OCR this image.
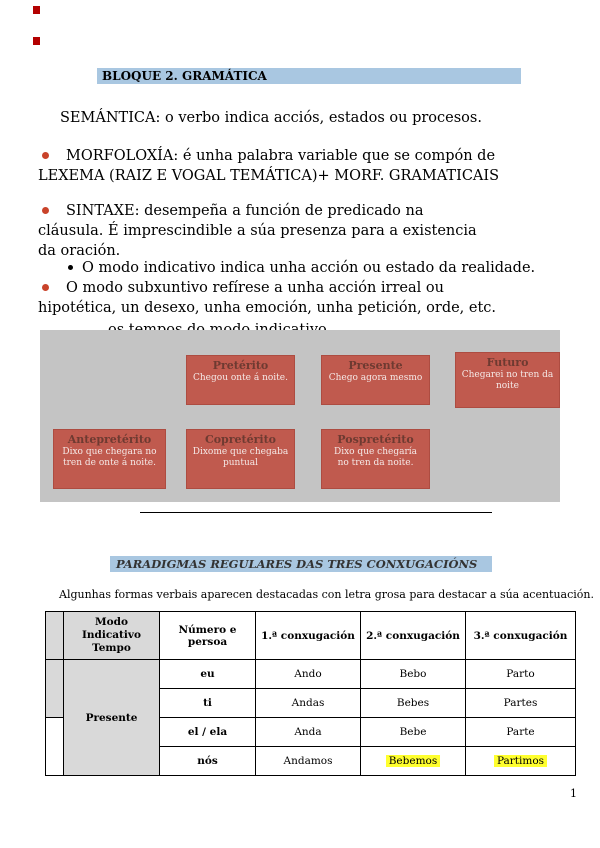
BLOQUE 2. GRAMÁTICA
SEMÁNTICA: o verbo indica acciós, estados ou procesos.
MORFOLOXÍA: é unha palabra variable que se compón de
LEXEMA (RAIZ E VOGAL TEMÁTICA)+ MORF. GRAMATICAIS
SINTAXE: desempeña a función de predicado na
cláusula. É imprescindible a súa presenza para a existencia
da oración.
O modo indicativo indica unha acción ou estado da realidade.
O modo subxuntivo refírese a unha acción irreal ou
hipotética, un desexo, unha emoción, unha petición, orde, etc.
Pretérito
Chegou onte á noite.
Presente
Chego agora mesmo
Futuro
Chegarei no tren da noite
Antepretérito
Dixo que chegara no tren de onte á noite.
Copretérito
Dixome que chegaba puntual
Pospretérito
Dixo que chegaría no tren da noite.
PARADIGMAS REGULARES DAS TRES CONXUGACIÓNS
Algunhas formas verbais aparecen destacadas con letra grosa para destacar a súa acentuación.

	Modo Indicativo Tempo	Número e persoa	1.ª conxugación	2.ª conxugación	3.ª conxugación
	Presente	eu	Ando	Bebo	Parto
		ti	Andas	Bebes	Partes
		el / ela	Anda	Bebe	Parte
		nós	Andamos	Bebemos	Partimos
1
